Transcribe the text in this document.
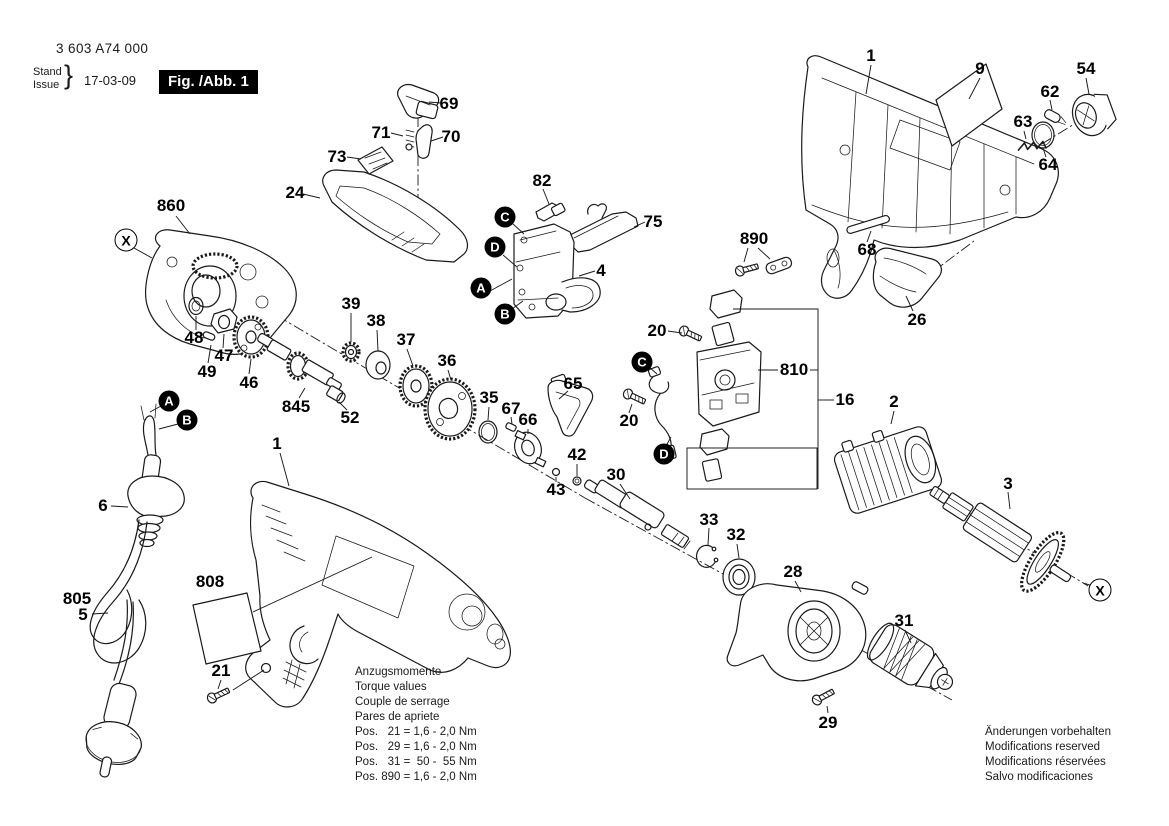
3 603 A74 000
Stand
Issue } 17-03-09	Fig. /Abb. 1
Anzugsmomente
Torque values
Couple de serrage
Pares de apriete
Pos.   21 = 1,6 - 2,0 Nm
Pos.   29 = 1,6 - 2,0 Nm
Pos.   31 =  50 -  55 Nm
Pos. 890 = 1,6 - 2,0 Nm
Änderungen vorbehalten
Modifications reserved
Modifications réservées
Salvo modificaciones
860
48
47
49
46
845
52
39
38
37
36
35
67
66
65
42
43
30
33
32
28
31
29
1
808
21
6
805
5
69
70
71
73
24
82
75
4
1
9	54
62
63
64
890
68
26
20
20
810
16 2
3
X
A
B
C
D
A
B
C
D
X
